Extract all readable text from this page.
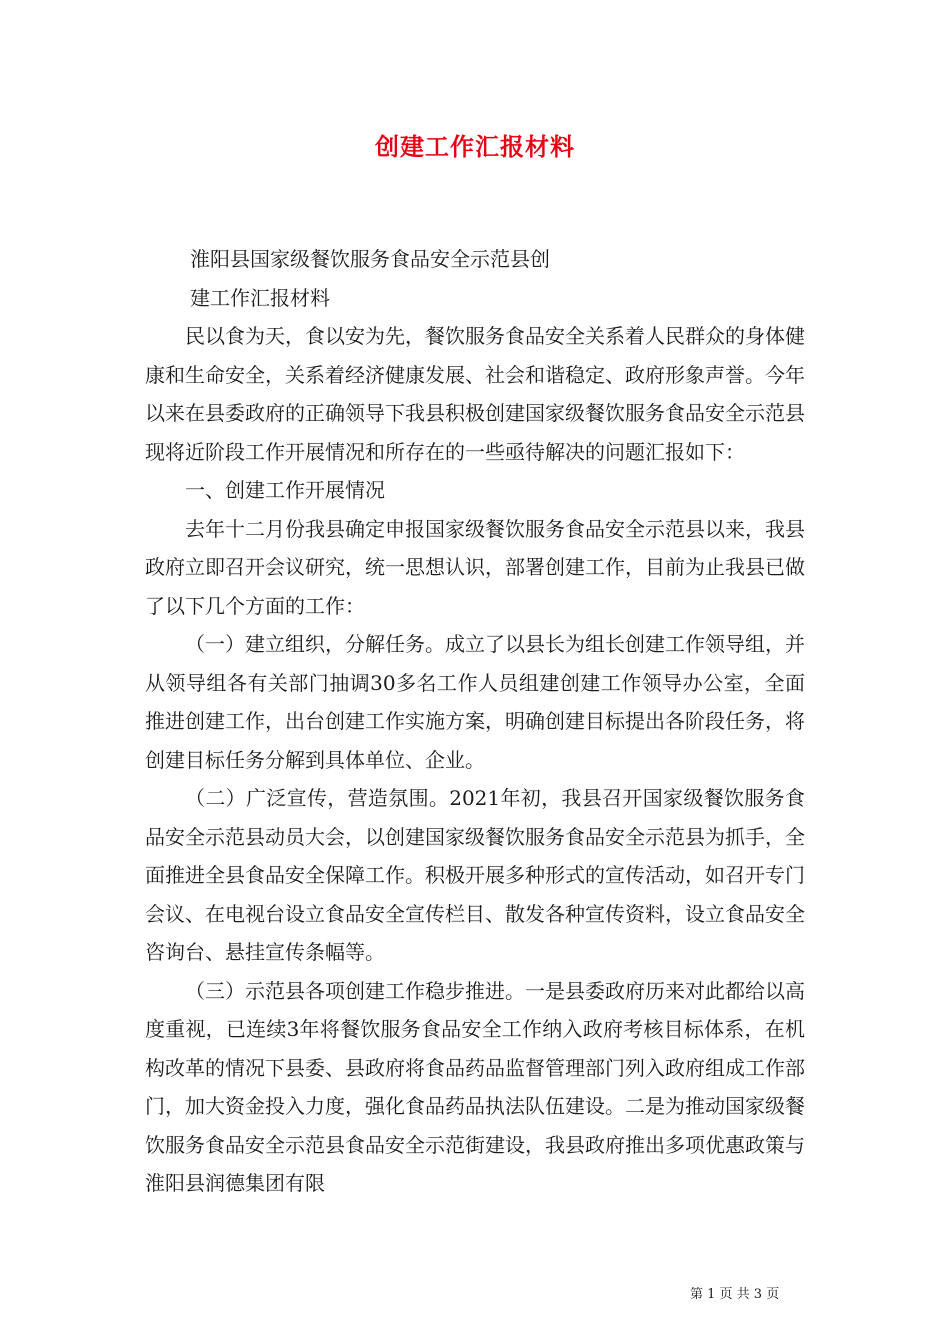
创建工作汇报材料

淮阳县国家级餐饮服务食品安全示范县创

建工作汇报材料

民以食为天，食以安为先，餐饮服务食品安全关系着人民群众的身体健康和生命安全，关系着经济健康发展、社会和谐稳定、政府形象声誉。今年以来在县委政府的正确领导下我县积极创建国家级餐饮服务食品安全示范县现将近阶段工作开展情况和所存在的一些亟待解决的问题汇报如下：

一、创建工作开展情况

去年十二月份我县确定申报国家级餐饮服务食品安全示范县以来，我县政府立即召开会议研究，统一思想认识，部署创建工作，目前为止我县已做了以下几个方面的工作：

（一）建立组织，分解任务。成立了以县长为组长创建工作领导组，并从领导组各有关部门抽调30多名工作人员组建创建工作领导办公室，全面推进创建工作，出台创建工作实施方案，明确创建目标提出各阶段任务，将创建目标任务分解到具体单位、企业。

（二）广泛宣传，营造氛围。2021年初，我县召开国家级餐饮服务食品安全示范县动员大会，以创建国家级餐饮服务食品安全示范县为抓手，全面推进全县食品安全保障工作。积极开展多种形式的宣传活动，如召开专门会议、在电视台设立食品安全宣传栏目、散发各种宣传资料，设立食品安全咨询台、悬挂宣传条幅等。

（三）示范县各项创建工作稳步推进。一是县委政府历来对此都给以高度重视，已连续3年将餐饮服务食品安全工作纳入政府考核目标体系，在机构改革的情况下县委、县政府将食品药品监督管理部门列入政府组成工作部门，加大资金投入力度，强化食品药品执法队伍建设。二是为推动国家级餐饮服务食品安全示范县食品安全示范街建设，我县政府推出多项优惠政策与淮阳县润德集团有限

第 1 页 共 3 页
